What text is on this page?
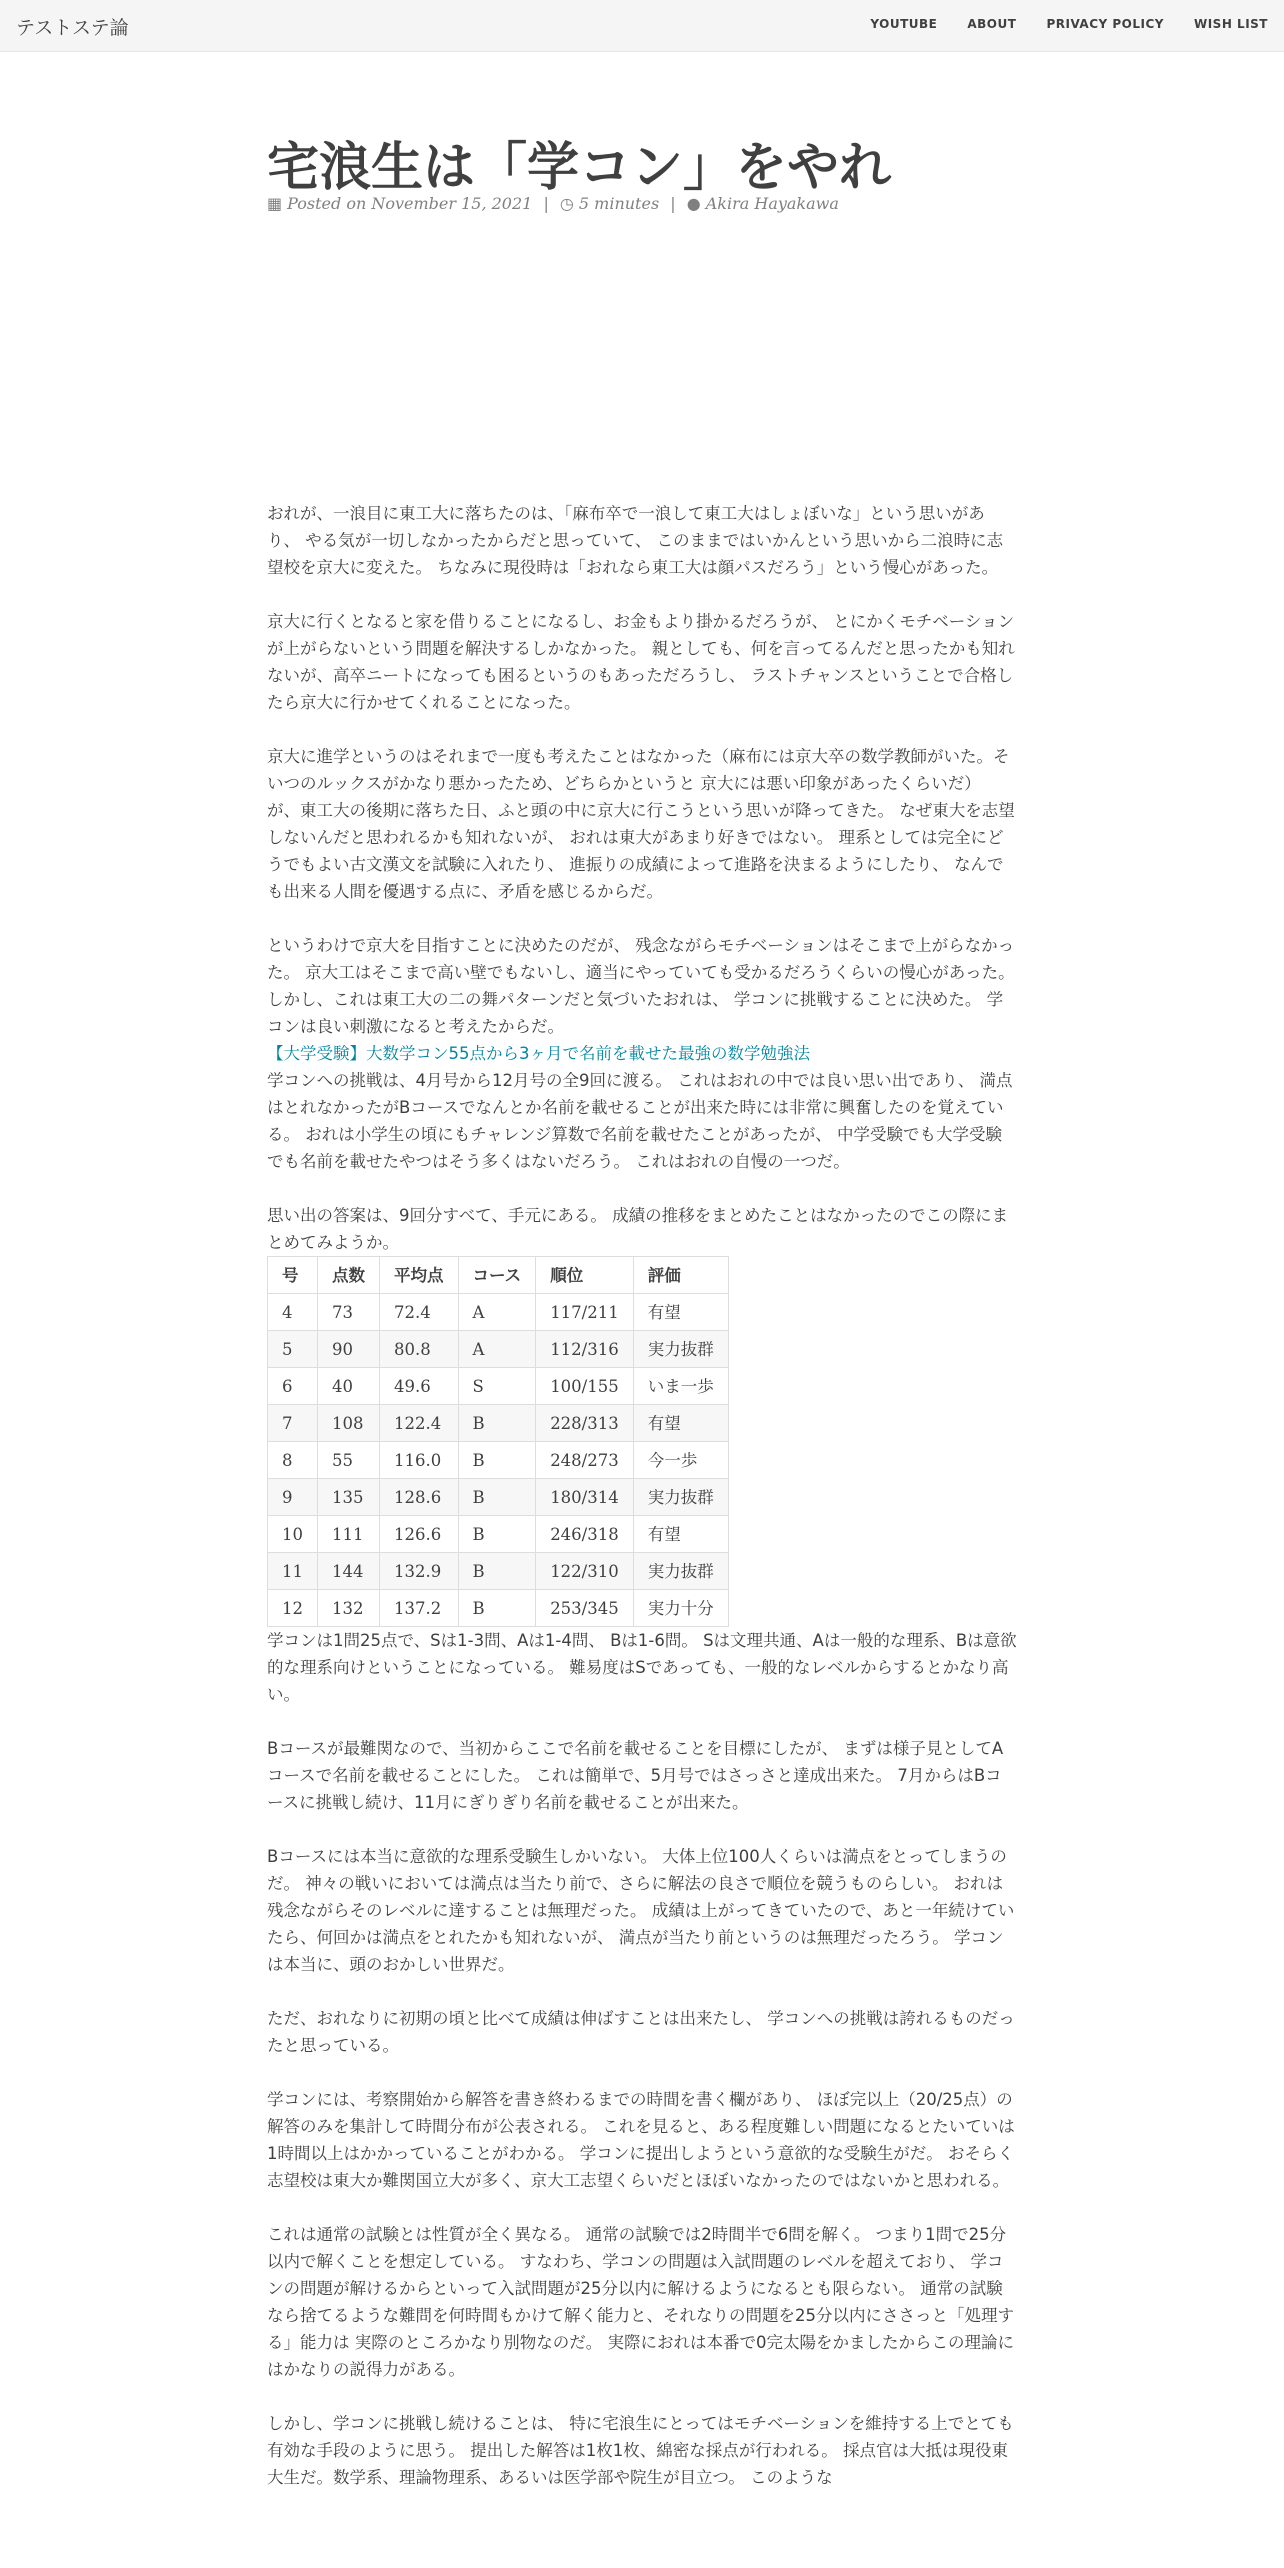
テストステ論	YOUTUBE	ABOUT	PRIVACY POLICY	WISH LIST
宅浪生は「学コン」をやれ
▦ Posted on November 15, 2021 | ◷ 5 minutes | ● Akira Hayakawa

おれが、一浪目に東工大に落ちたのは、「麻布卒で一浪して東工大はしょぼいな」という思いがあり、 やる気が一切しなかったからだと思っていて、 このままではいかんという思いから二浪時に志望校を京大に変えた。 ちなみに現役時は「おれなら東工大は顔パスだろう」という慢心があった。

京大に行くとなると家を借りることになるし、お金もより掛かるだろうが、 とにかくモチベーションが上がらないという問題を解決するしかなかった。 親としても、何を言ってるんだと思ったかも知れないが、高卒ニートになっても困るというのもあっただろうし、 ラストチャンスということで合格したら京大に行かせてくれることになった。

京大に進学というのはそれまで一度も考えたことはなかった（麻布には京大卒の数学教師がいた。そいつのルックスがかなり悪かったため、どちらかというと 京大には悪い印象があったくらいだ） が、東工大の後期に落ちた日、ふと頭の中に京大に行こうという思いが降ってきた。 なぜ東大を志望しないんだと思われるかも知れないが、 おれは東大があまり好きではない。 理系としては完全にどうでもよい古文漢文を試験に入れたり、 進振りの成績によって進路を決まるようにしたり、 なんでも出来る人間を優遇する点に、矛盾を感じるからだ。

というわけで京大を目指すことに決めたのだが、 残念ながらモチベーションはそこまで上がらなかった。 京大工はそこまで高い壁でもないし、適当にやっていても受かるだろうくらいの慢心があった。 しかし、これは東工大の二の舞パターンだと気づいたおれは、 学コンに挑戦することに決めた。 学コンは良い刺激になると考えたからだ。

【大学受験】大数学コン55点から3ヶ月で名前を載せた最強の数学勉強法

学コンへの挑戦は、4月号から12月号の全9回に渡る。 これはおれの中では良い思い出であり、 満点はとれなかったがBコースでなんとか名前を載せることが出来た時には非常に興奮したのを覚えている。 おれは小学生の頃にもチャレンジ算数で名前を載せたことがあったが、 中学受験でも大学受験でも名前を載せたやつはそう多くはないだろう。 これはおれの自慢の一つだ。

思い出の答案は、9回分すべて、手元にある。 成績の推移をまとめたことはなかったのでこの際にまとめてみようか。

号	点数	平均点	コース	順位	評価
4	73	72.4	A	117/211	有望
5	90	80.8	A	112/316	実力抜群
6	40	49.6	S	100/155	いま一歩
7	108	122.4	B	228/313	有望
8	55	116.0	B	248/273	今一歩
9	135	128.6	B	180/314	実力抜群
10	111	126.6	B	246/318	有望
11	144	132.9	B	122/310	実力抜群
12	132	137.2	B	253/345	実力十分

学コンは1問25点で、Sは1-3問、Aは1-4問、 Bは1-6問。 Sは文理共通、Aは一般的な理系、Bは意欲的な理系向けということになっている。 難易度はSであっても、一般的なレベルからするとかなり高い。

Bコースが最難関なので、当初からここで名前を載せることを目標にしたが、 まずは様子見としてAコースで名前を載せることにした。 これは簡単で、5月号ではさっさと達成出来た。 7月からはBコースに挑戦し続け、11月にぎりぎり名前を載せることが出来た。

Bコースには本当に意欲的な理系受験生しかいない。 大体上位100人くらいは満点をとってしまうのだ。 神々の戦いにおいては満点は当たり前で、さらに解法の良さで順位を競うものらしい。 おれは残念ながらそのレベルに達することは無理だった。 成績は上がってきていたので、あと一年続けていたら、何回かは満点をとれたかも知れないが、 満点が当たり前というのは無理だったろう。 学コンは本当に、頭のおかしい世界だ。

ただ、おれなりに初期の頃と比べて成績は伸ばすことは出来たし、 学コンへの挑戦は誇れるものだったと思っている。

学コンには、考察開始から解答を書き終わるまでの時間を書く欄があり、 ほぼ完以上（20/25点）の解答のみを集計して時間分布が公表される。 これを見ると、ある程度難しい問題になるとたいていは1時間以上はかかっていることがわかる。 学コンに提出しようという意欲的な受験生がだ。 おそらく志望校は東大か難関国立大が多く、京大工志望くらいだとほぼいなかったのではないかと思われる。

これは通常の試験とは性質が全く異なる。 通常の試験では2時間半で6問を解く。 つまり1問で25分以内で解くことを想定している。 すなわち、学コンの問題は入試問題のレベルを超えており、 学コンの問題が解けるからといって入試問題が25分以内に解けるようになるとも限らない。 通常の試験なら捨てるような難問を何時間もかけて解く能力と、それなりの問題を25分以内にささっと「処理する」能力は 実際のところかなり別物なのだ。 実際におれは本番で0完太陽をかましたからこの理論にはかなりの説得力がある。

しかし、学コンに挑戦し続けることは、 特に宅浪生にとってはモチベーションを維持する上でとても有効な手段のように思う。 提出した解答は1枚1枚、綿密な採点が行われる。 採点官は大抵は現役東大生だ。数学系、理論物理系、あるいは医学部や院生が目立つ。 このような
